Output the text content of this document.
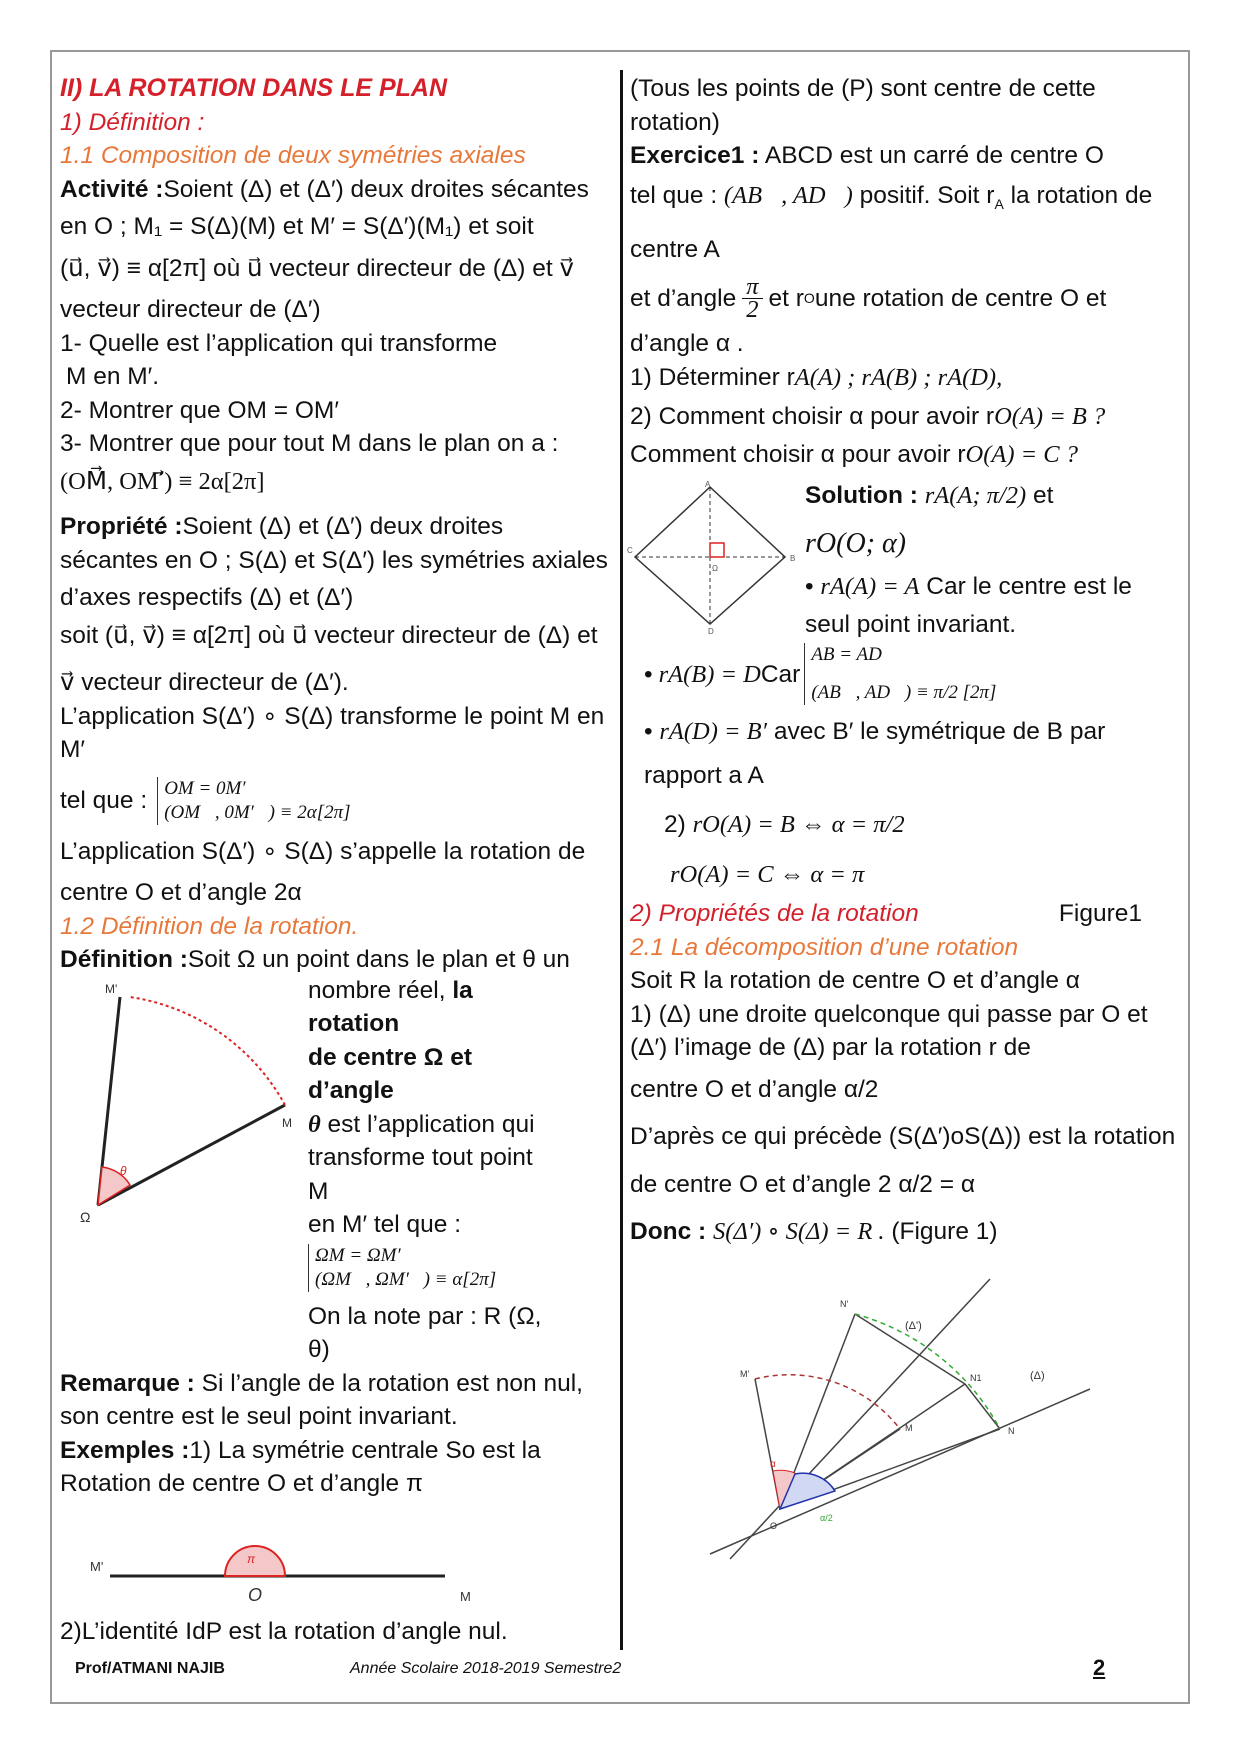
II) LA ROTATION DANS LE PLAN

1) Définition :

1.1 Composition de deux symétries axiales

Activité :Soient (Δ) et (Δ′) deux droites sécantes

en O ; M₁ = S(Δ)(M) et M′ = S(Δ′)(M₁) et soit

(u⃗, v⃗) ≡ α[2π] où u⃗ vecteur directeur de (Δ) et v⃗

vecteur directeur de (Δ′)

1- Quelle est l’application qui transforme

M en M′.

2- Montrer que OM = OM′

3- Montrer que pour tout M dans le plan on a :

(OM⃗, OM′⃗) ≡ 2α[2π]

Propriété :Soient (Δ) et (Δ′) deux droites

sécantes en O ; S(Δ) et S(Δ′) les symétries axiales

d’axes respectifs (Δ) et (Δ′)

soit (u⃗, v⃗) ≡ α[2π] où u⃗ vecteur directeur de (Δ) et

v⃗ vecteur directeur de (Δ′).

L’application S(Δ′) ∘ S(Δ) transforme le point M en M′

tel que : OM = 0M′
(OM⃗, 0M′⃗) ≡ 2α[2π]

L’application S(Δ′) ∘ S(Δ) s’appelle la rotation de

centre O et d’angle 2α

1.2 Définition de la rotation.

Définition :Soit Ω un point dans le plan et θ un

M'
M
Ω
θ

nombre réel, la rotation

de centre Ω et d’angle

θ est l’application qui

transforme tout point M

en M′ tel que :

ΩM = ΩM′
(ΩM⃗, ΩM′⃗) ≡ α[2π]

On la note par : R (Ω, θ)

Remarque : Si l’angle de la rotation est non nul,

son centre est le seul point invariant.

Exemples :1) La symétrie centrale So est la

Rotation de centre O et d’angle π

M'
O	M
π

2)L’identité IdP est la rotation d’angle nul.

(Tous les points de (P) sont centre de cette

rotation)

Exercice1 : ABCD est un carré de centre O

tel que : (AB⃗, AD⃗) positif. Soit $r_A$ la rotation de

centre A

et d’angle π
2 et r O une rotation de centre O et

d’angle α .

1) Déterminer rA(A) ; rA(B) ; rA(D),

2) Comment choisir α pour avoir rO(A) = B ?

Comment choisir α pour avoir rO(A) = C ?

A
B
C
D
Ω

Solution : rA(A; π/2) et

rO(O; α)

• rA(A) = A Car le centre est le

seul point invariant.

• rA(B) = D Car
AB = AD
(AB⃗, AD⃗) ≡ π/2 [2π]

• rA(D) = B′ avec B′ le symétrique de B par

rapport a A

2) rO(A) = B ⇔ α = π/2

rO(A) = C ⇔ α = π

2) Propriétés de la rotation	Figure1

2.1 La décomposition d’une rotation

Soit R la rotation de centre O et d’angle α

1) (Δ) une droite quelconque qui passe par O et

(Δ′) l’image de (Δ) par la rotation r de

centre O et d’angle α/2

D’après ce qui précède (S(Δ′)oS(Δ)) est la rotation

de centre O et d’angle 2 α/2 = α

Donc : S(Δ′) ∘ S(Δ) = R . (Figure 1)

N'
M'
M
N1
N
O
(Δ')
(Δ)
α
α/2
Prof/ATMANI NAJIB	Année Scolaire 2018-2019 Semestre2	2
